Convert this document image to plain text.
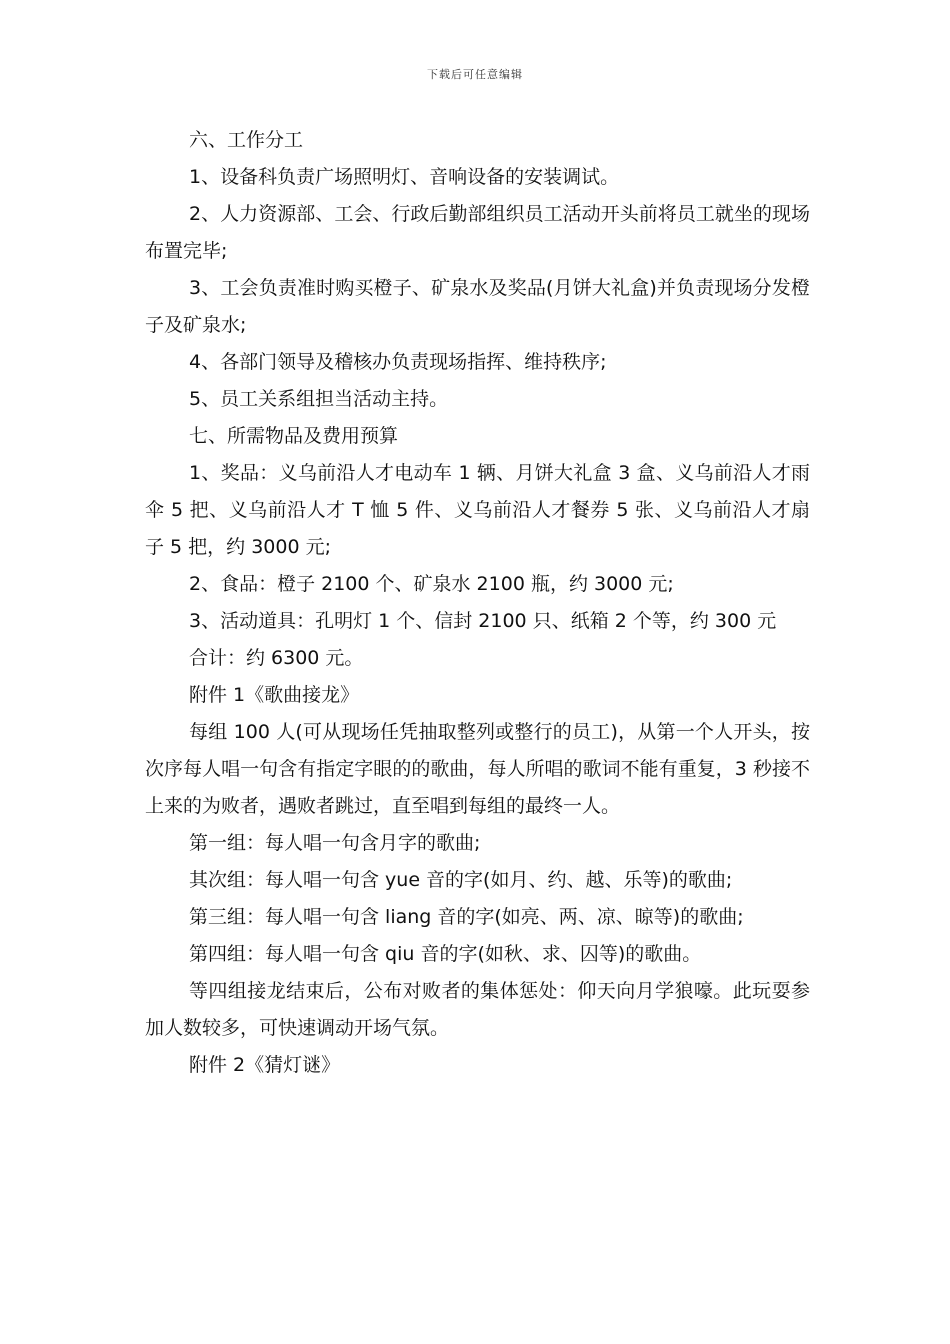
下载后可任意编辑

六、工作分工

1、设备科负责广场照明灯、音响设备的安装调试。

2、人力资源部、工会、行政后勤部组织员工活动开头前将员工就坐的现场布置完毕;

3、工会负责准时购买橙子、矿泉水及奖品(月饼大礼盒)并负责现场分发橙子及矿泉水;

4、各部门领导及稽核办负责现场指挥、维持秩序;

5、员工关系组担当活动主持。

七、所需物品及费用预算

1、奖品：义乌前沿人才电动车 1 辆、月饼大礼盒 3 盒、义乌前沿人才雨伞 5 把、义乌前沿人才 T 恤 5 件、义乌前沿人才餐券 5 张、义乌前沿人才扇子 5 把，约 3000 元;

2、食品：橙子 2100 个、矿泉水 2100 瓶，约 3000 元;

3、活动道具：孔明灯 1 个、信封 2100 只、纸箱 2 个等，约 300 元

合计：约 6300 元。

附件 1《歌曲接龙》

每组 100 人(可从现场任凭抽取整列或整行的员工)，从第一个人开头，按次序每人唱一句含有指定字眼的的歌曲，每人所唱的歌词不能有重复，3 秒接不上来的为败者，遇败者跳过，直至唱到每组的最终一人。

第一组：每人唱一句含月字的歌曲;

其次组：每人唱一句含 yue 音的字(如月、约、越、乐等)的歌曲;

第三组：每人唱一句含 liang 音的字(如亮、两、凉、晾等)的歌曲;

第四组：每人唱一句含 qiu 音的字(如秋、求、囚等)的歌曲。

等四组接龙结束后，公布对败者的集体惩处：仰天向月学狼嚎。此玩耍参加人数较多，可快速调动开场气氛。

附件 2《猜灯谜》
